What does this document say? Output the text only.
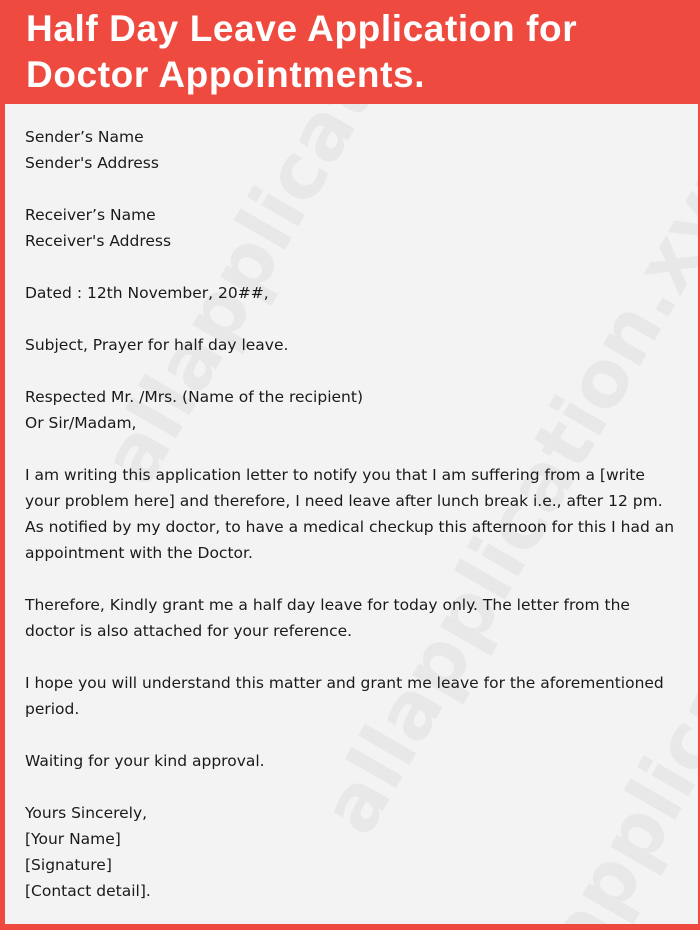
Half Day Leave Application for
Doctor Appointments.
Sender’s Name
Sender's Address
Receiver’s Name
Receiver's Address
Dated : 12th November, 20##,
Subject, Prayer for half day leave.
Respected Mr. /Mrs. (Name of the recipient)
Or Sir/Madam,
I am writing this application letter to notify you that I am suffering from a [write
your problem here] and therefore, I need leave after lunch break i.e., after 12 pm.
As notified by my doctor, to have a medical checkup this afternoon for this I had an
appointment with the Doctor.
Therefore, Kindly grant me a half day leave for today only. The letter from the
doctor is also attached for your reference.
I hope you will understand this matter and grant me leave for the aforementioned
period.
Waiting for your kind approval.
Yours Sincerely,
[Your Name]
[Signature]
[Contact detail].
